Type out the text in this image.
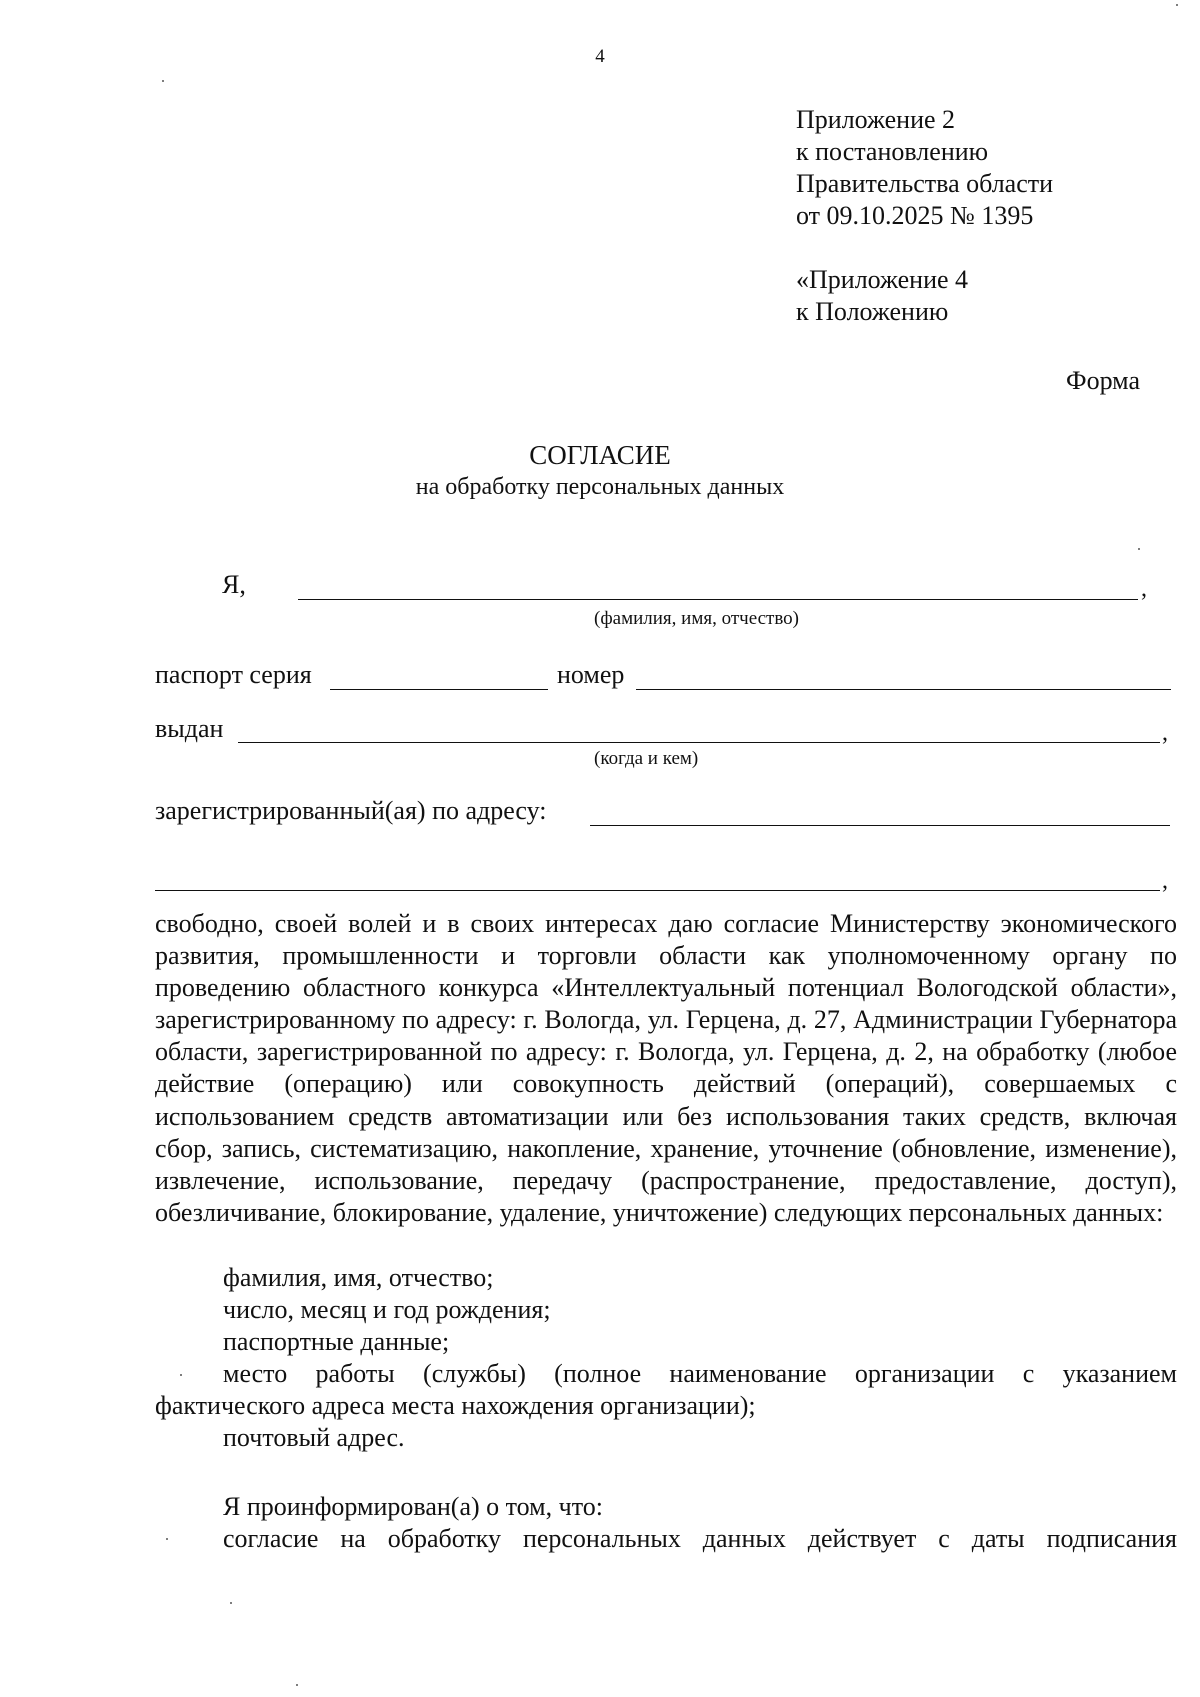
4
Приложение 2
к постановлению
Правительства области
от 09.10.2025 № 1395
«Приложение 4
к Положению
Форма
СОГЛАСИЕ
на обработку персональных данных
Я,	,
(фамилия, имя, отчество)
паспорт серия	номер
выдан	,
(когда и кем)
зарегистрированный(ая) по адресу:
,

свободно, своей волей и в своих интересах даю согласие Министерству экономического развития, промышленности и торговли области как уполномоченному органу по проведению областного конкурса «Интеллектуальный потенциал Вологодской области», зарегистрированному по адресу: г. Вологда, ул. Герцена, д. 27, Администрации Губернатора области, зарегистрированной по адресу: г. Вологда, ул. Герцена, д. 2, на обработку (любое действие (операцию) или совокупность действий (операций), совершаемых с использованием средств автоматизации или без использования таких средств, включая сбор, запись, систематизацию, накопление, хранение, уточнение (обновление, изменение), извлечение, использование, передачу (распространение, предоставление, доступ), обезличивание, блокирование, удаление, уничтожение) следующих персональных данных:

фамилия, имя, отчество;

число, месяц и год рождения;

паспортные данные;

место работы (службы) (полное наименование организации с указанием фактического адреса места нахождения организации);

почтовый адрес.

Я проинформирован(а) о том, что:

согласие на обработку персональных данных действует с даты подписания
